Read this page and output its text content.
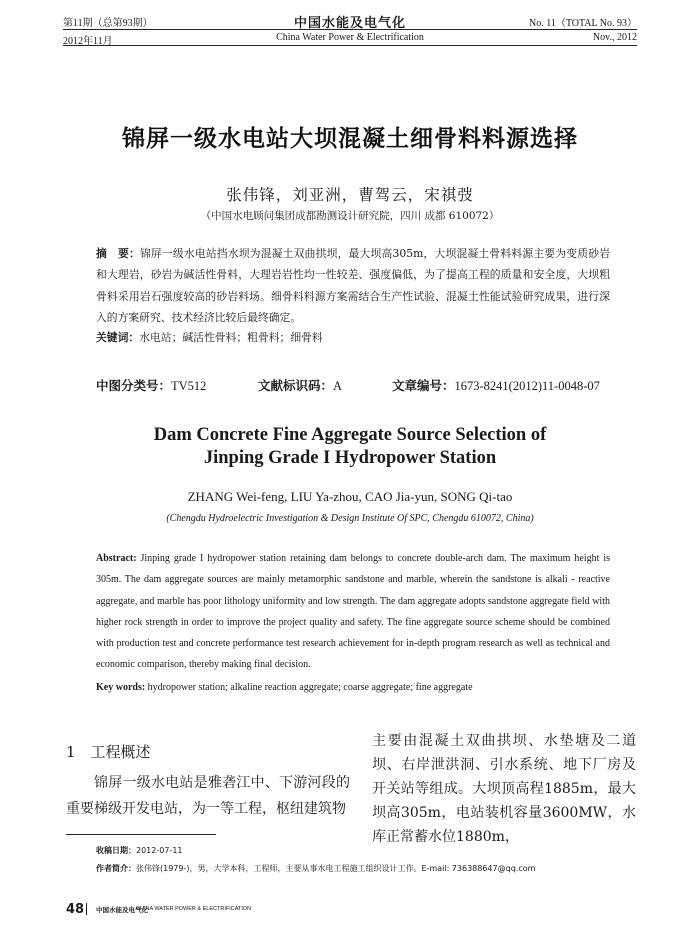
第11期（总第93期）
2012年11月
中国水能及电气化
China Water Power & Electrification
No. 11（TOTAL No. 93）
Nov., 2012
锦屏一级水电站大坝混凝土细骨料料源选择
张伟锋，刘亚洲，曹驾云，宋祺弢
（中国水电顾问集团成都勘测设计研究院，四川 成都 610072）
摘　要：锦屏一级水电站挡水坝为混凝土双曲拱坝，最大坝高305m，大坝混凝土骨料料源主要为变质砂岩和大理岩，砂岩为碱活性骨料，大理岩岩性均一性较差、强度偏低，为了提高工程的质量和安全度，大坝粗骨料采用岩石强度较高的砂岩料场。细骨料料源方案需结合生产性试验、混凝土性能试验研究成果，进行深入的方案研究、技术经济比较后最终确定。
关键词：水电站；碱活性骨料；粗骨料；细骨料
中图分类号：TV512	文献标识码：A	文章编号：1673-8241(2012)11-0048-07
Dam Concrete Fine Aggregate Source Selection of
Jinping Grade I Hydropower Station
ZHANG Wei-feng, LIU Ya-zhou, CAO Jia-yun, SONG Qi-tao
(Chengdu Hydroelectric Investigation & Design Institute Of SPC, Chengdu 610072, China)
Abstract: Jinping grade I hydropower station retaining dam belongs to concrete double-arch dam. The maximum height is 305m. The dam aggregate sources are mainly metamorphic sandstone and marble, wherein the sandstone is alkali - reactive aggregate, and marble has poor lithology uniformity and low strength. The dam aggregate adopts sandstone aggregate field with higher rock strength in order to improve the project quality and safety. The fine aggregate source scheme should be combined with production test and concrete performance test research achievement for in-depth program research as well as technical and economic comparison, thereby making final decision.
Key words: hydropower station; alkaline reaction aggregate; coarse aggregate; fine aggregate
1　工程概述
锦屏一级水电站是雅砻江中、下游河段的重要梯级开发电站，为一等工程，枢纽建筑物
主要由混凝土双曲拱坝、水垫塘及二道坝、右岸泄洪洞、引水系统、地下厂房及开关站等组成。大坝顶高程1885m，最大坝高305m，电站装机容量3600MW，水库正常蓄水位1880m，
收稿日期：2012-07-11
作者简介：张伟锋(1979-)，男，大学本科，工程师，主要从事水电工程施工组织设计工作。E-mail: 736388647@qq.com
48 中国水能及电气化
CHINA WATER POWER & ELECTRIFICATION
